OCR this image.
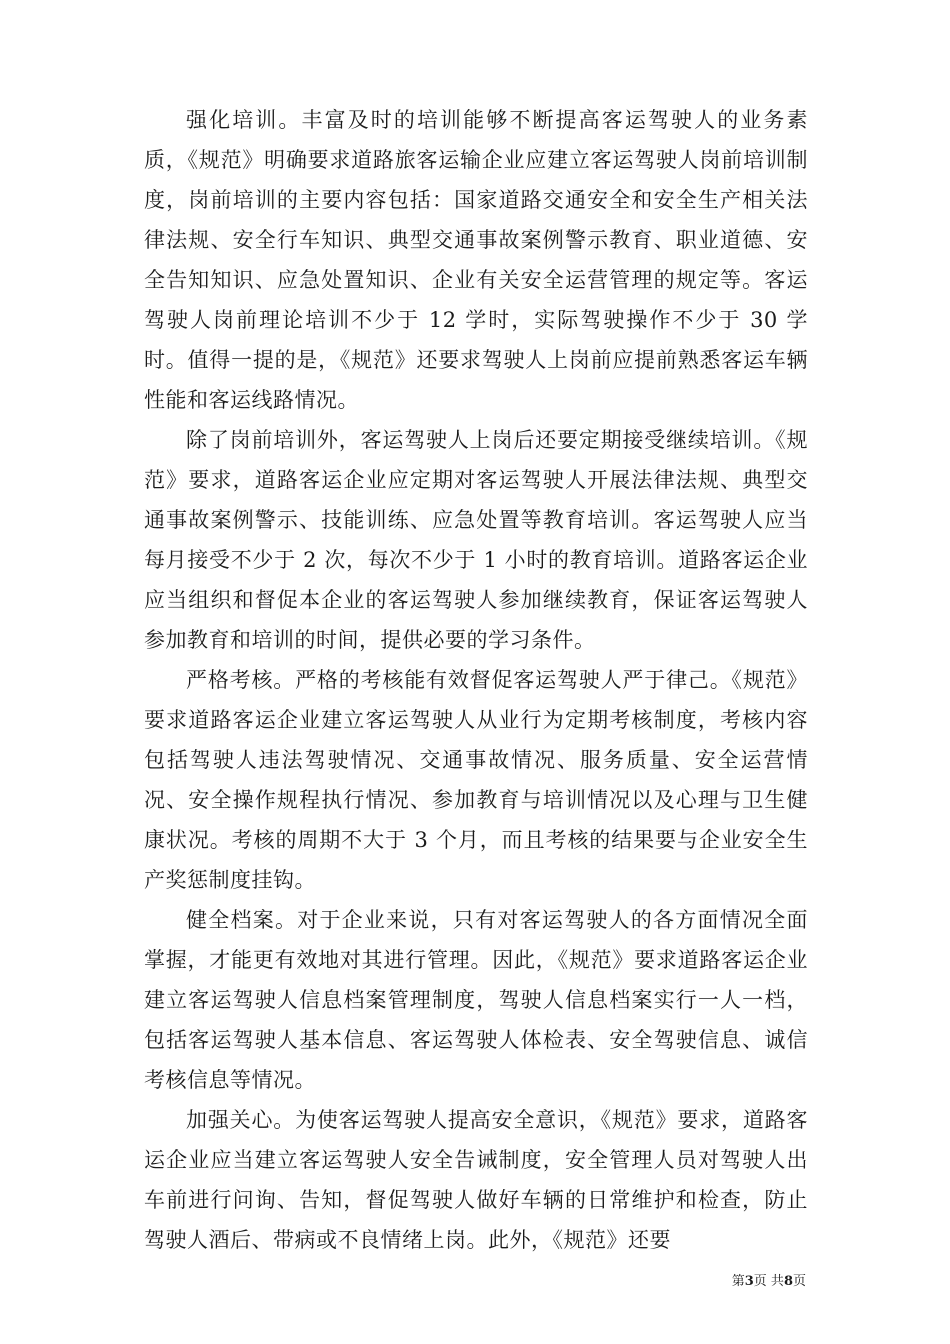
强化培训。丰富及时的培训能够不断提高客运驾驶人的业务素质，《规范》明确要求道路旅客运输企业应建立客运驾驶人岗前培训制度，岗前培训的主要内容包括：国家道路交通安全和安全生产相关法律法规、安全行车知识、典型交通事故案例警示教育、职业道德、安全告知知识、应急处置知识、企业有关安全运营管理的规定等。客运驾驶人岗前理论培训不少于 12 学时，实际驾驶操作不少于 30 学时。值得一提的是，《规范》还要求驾驶人上岗前应提前熟悉客运车辆性能和客运线路情况。

除了岗前培训外，客运驾驶人上岗后还要定期接受继续培训。《规范》要求，道路客运企业应定期对客运驾驶人开展法律法规、典型交通事故案例警示、技能训练、应急处置等教育培训。客运驾驶人应当每月接受不少于 2 次，每次不少于 1 小时的教育培训。道路客运企业应当组织和督促本企业的客运驾驶人参加继续教育，保证客运驾驶人参加教育和培训的时间，提供必要的学习条件。

严格考核。严格的考核能有效督促客运驾驶人严于律己。《规范》要求道路客运企业建立客运驾驶人从业行为定期考核制度，考核内容包括驾驶人违法驾驶情况、交通事故情况、服务质量、安全运营情况、安全操作规程执行情况、参加教育与培训情况以及心理与卫生健康状况。考核的周期不大于 3 个月，而且考核的结果要与企业安全生产奖惩制度挂钩。

健全档案。对于企业来说，只有对客运驾驶人的各方面情况全面掌握，才能更有效地对其进行管理。因此，《规范》要求道路客运企业建立客运驾驶人信息档案管理制度，驾驶人信息档案实行一人一档，包括客运驾驶人基本信息、客运驾驶人体检表、安全驾驶信息、诚信考核信息等情况。

加强关心。为使客运驾驶人提高安全意识，《规范》要求，道路客运企业应当建立客运驾驶人安全告诫制度，安全管理人员对驾驶人出车前进行问询、告知，督促驾驶人做好车辆的日常维护和检查，防止驾驶人酒后、带病或不良情绪上岗。此外，《规范》还要

第3页 共8页
